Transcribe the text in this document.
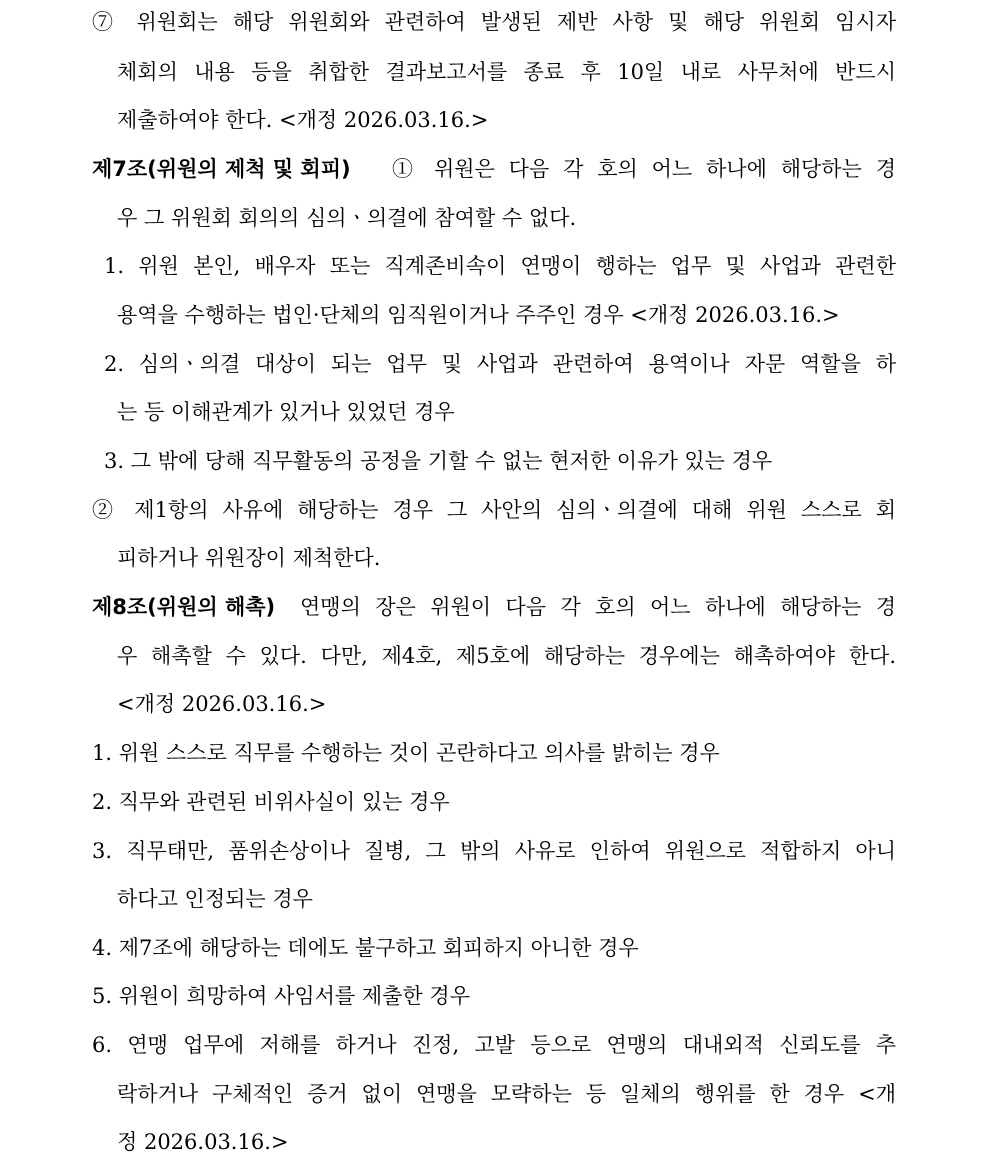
⑦ 위원회는 해당 위원회와 관련하여 발생된 제반 사항 및 해당 위원회 임시자
체회의 내용 등을 취합한 결과보고서를 종료 후 10일 내로 사무처에 반드시
제출하여야 한다. <개정 2026.03.16.>
제7조(위원의 제척 및 회피) ① 위원은 다음 각 호의 어느 하나에 해당하는 경
우 그 위원회 회의의 심의ㆍ의결에 참여할 수 없다.
1. 위원 본인, 배우자 또는 직계존비속이 연맹이 행하는 업무 및 사업과 관련한
용역을 수행하는 법인·단체의 임직원이거나 주주인 경우 <개정 2026.03.16.>
2. 심의ㆍ의결 대상이 되는 업무 및 사업과 관련하여 용역이나 자문 역할을 하
는 등 이해관계가 있거나 있었던 경우
3. 그 밖에 당해 직무활동의 공정을 기할 수 없는 현저한 이유가 있는 경우
② 제1항의 사유에 해당하는 경우 그 사안의 심의ㆍ의결에 대해 위원 스스로 회
피하거나 위원장이 제척한다.
제8조(위원의 해촉) 연맹의 장은 위원이 다음 각 호의 어느 하나에 해당하는 경
우 해촉할 수 있다. 다만, 제4호, 제5호에 해당하는 경우에는 해촉하여야 한다.
<개정 2026.03.16.>
1. 위원 스스로 직무를 수행하는 것이 곤란하다고 의사를 밝히는 경우
2. 직무와 관련된 비위사실이 있는 경우
3. 직무태만, 품위손상이나 질병, 그 밖의 사유로 인하여 위원으로 적합하지 아니
하다고 인정되는 경우
4. 제7조에 해당하는 데에도 불구하고 회피하지 아니한 경우
5. 위원이 희망하여 사임서를 제출한 경우
6. 연맹 업무에 저해를 하거나 진정, 고발 등으로 연맹의 대내외적 신뢰도를 추
락하거나 구체적인 증거 없이 연맹을 모략하는 등 일체의 행위를 한 경우 <개
정 2026.03.16.>
